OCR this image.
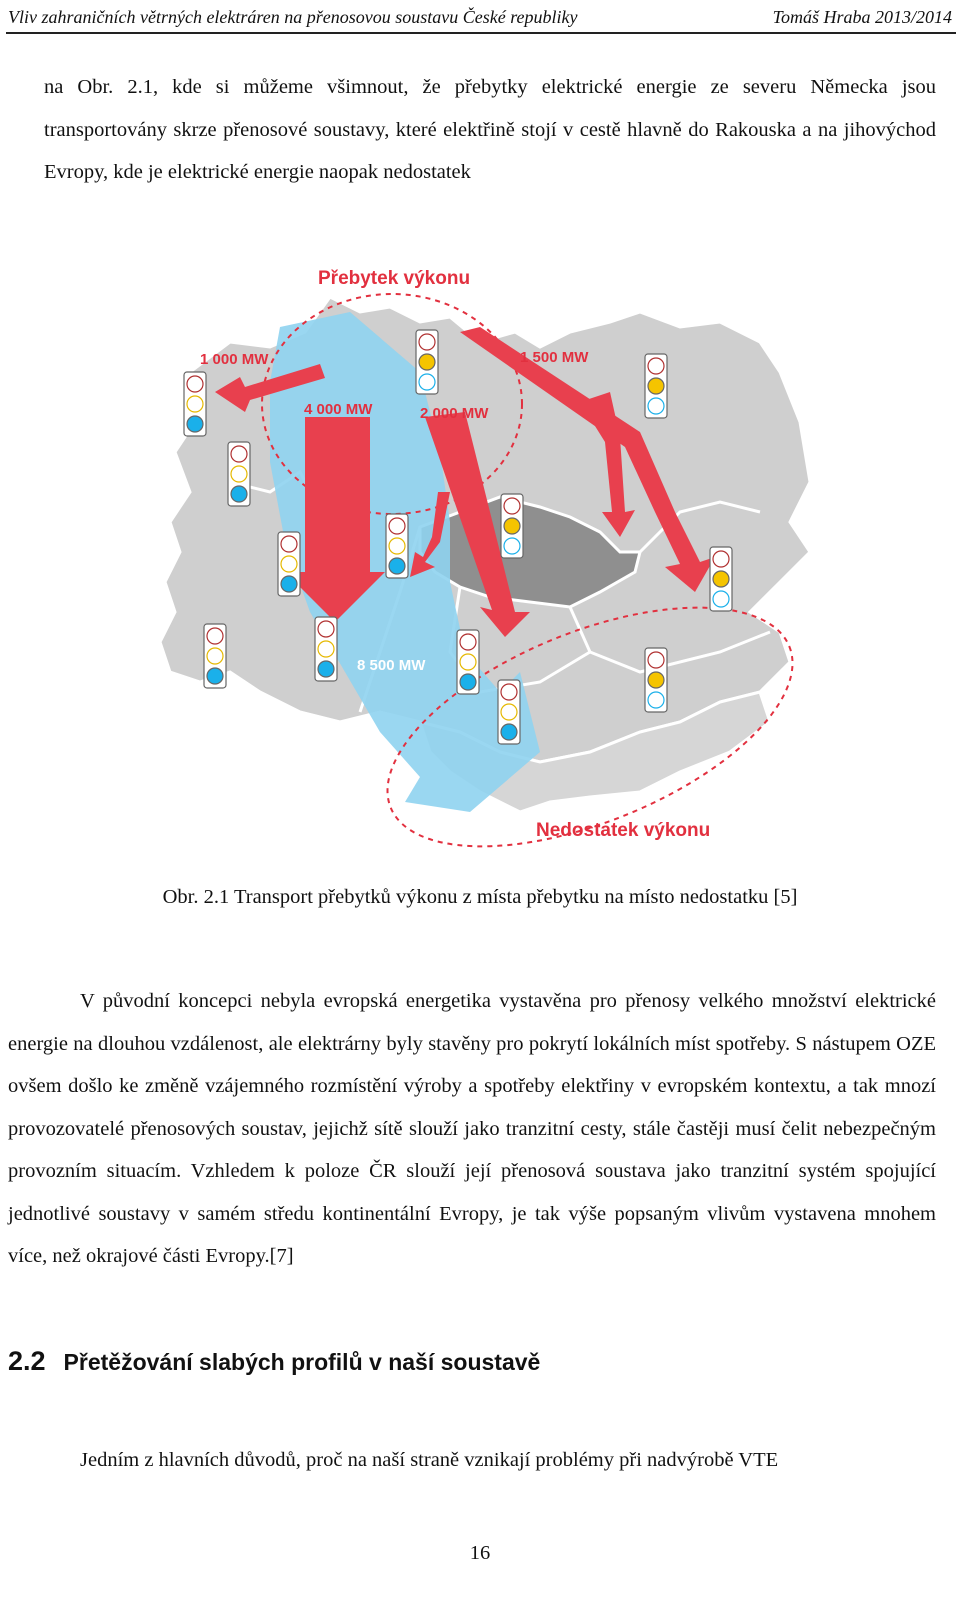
Vliv zahraničních větrných elektráren na přenosovou soustavu České republiky	Tomáš Hraba 2013/2014
na Obr. 2.1, kde si můžeme všimnout, že přebytky elektrické energie ze severu Německa jsou transportovány skrze přenosové soustavy, které elektřině stojí v cestě hlavně do Rakouska a na jihovýchod Evropy, kde je elektrické energie naopak nedostatek
Přebytek výkonu
Nedostatek výkonu
1 000 MW
4 000 MW	2 000 MW
1 500 MW
8 500 MW
Obr. 2.1 Transport přebytků výkonu z místa přebytku na místo nedostatku [5]
V původní koncepci nebyla evropská energetika vystavěna pro přenosy velkého množství elektrické energie na dlouhou vzdálenost, ale elektrárny byly stavěny pro pokrytí lokálních míst spotřeby. S nástupem OZE ovšem došlo ke změně vzájemného rozmístění výroby a spotřeby elektřiny v evropském kontextu, a tak mnozí provozovatelé přenosových soustav, jejichž sítě slouží jako tranzitní cesty, stále častěji musí čelit nebezpečným provozním situacím. Vzhledem k poloze ČR slouží její přenosová soustava jako tranzitní systém spojující jednotlivé soustavy v samém středu kontinentální Evropy, je tak výše popsaným vlivům vystavena mnohem více, než okrajové části Evropy.[7]
2.2 Přetěžování slabých profilů v naší soustavě
Jedním z hlavních důvodů, proč na naší straně vznikají problémy při nadvýrobě VTE
16
